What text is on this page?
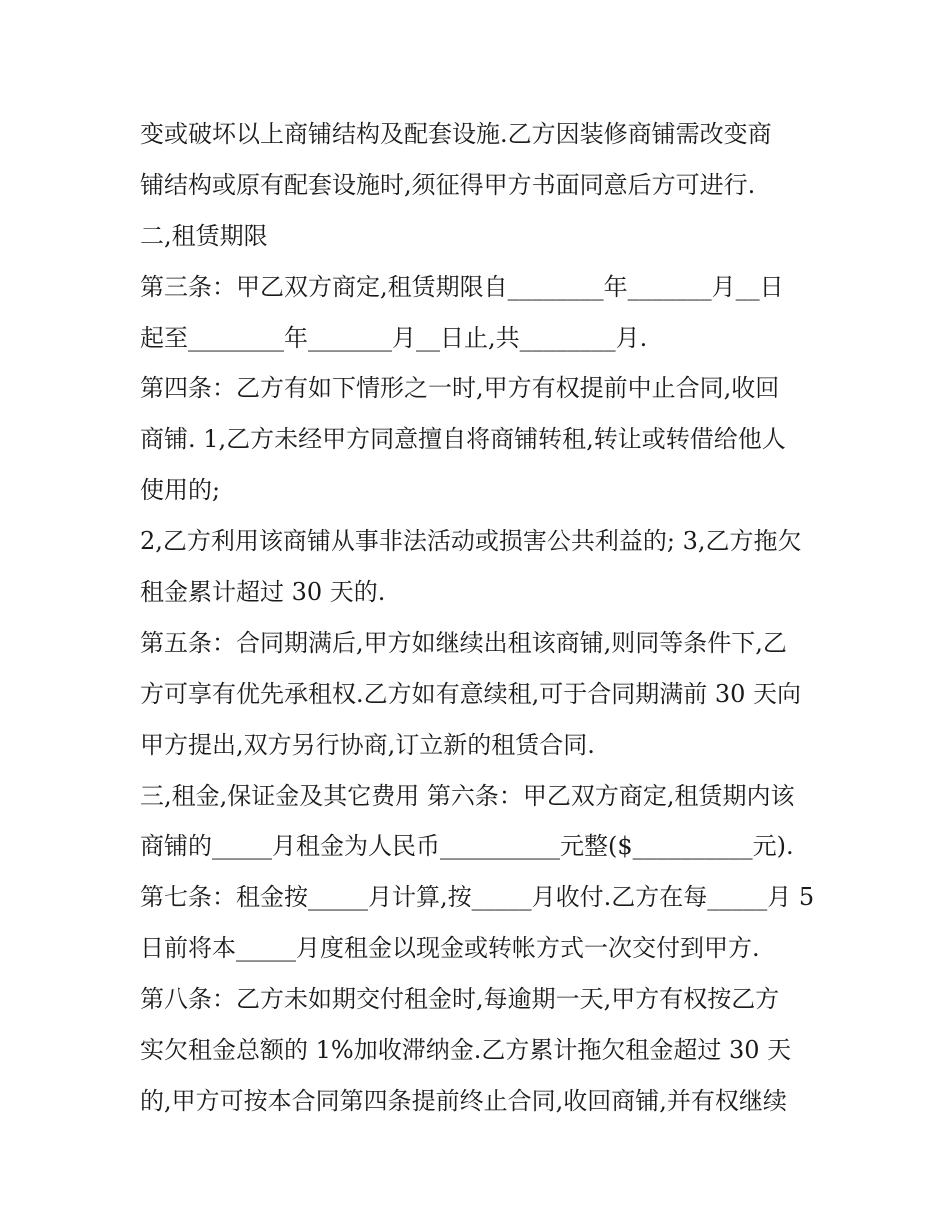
变或破坏以上商铺结构及配套设施.乙方因装修商铺需改变商
铺结构或原有配套设施时,须征得甲方书面同意后方可进行.
二,租赁期限
第三条：甲乙双方商定,租赁期限自________年_______月__日
起至________年_______月__日止,共________月.
第四条：乙方有如下情形之一时,甲方有权提前中止合同,收回
商铺. 1,乙方未经甲方同意擅自将商铺转租,转让或转借给他人
使用的;
2,乙方利用该商铺从事非法活动或损害公共利益的; 3,乙方拖欠
租金累计超过 30 天的.
第五条：合同期满后,甲方如继续出租该商铺,则同等条件下,乙
方可享有优先承租权.乙方如有意续租,可于合同期满前 30 天向
甲方提出,双方另行协商,订立新的租赁合同.
三,租金,保证金及其它费用 第六条：甲乙双方商定,租赁期内该
商铺的_____月租金为人民币__________元整($__________元).
第七条：租金按_____月计算,按_____月收付.乙方在每_____月 5
日前将本_____月度租金以现金或转帐方式一次交付到甲方.
第八条：乙方未如期交付租金时,每逾期一天,甲方有权按乙方
实欠租金总额的 1%加收滞纳金.乙方累计拖欠租金超过 30 天
的,甲方可按本合同第四条提前终止合同,收回商铺,并有权继续
